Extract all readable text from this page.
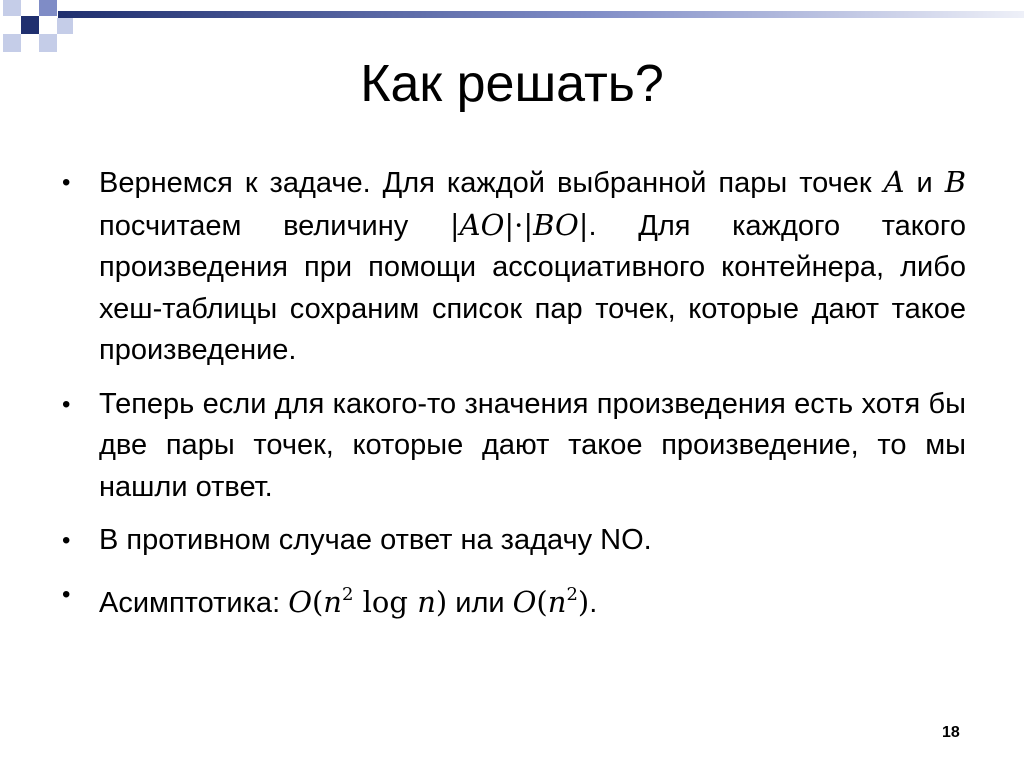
Как решать?
• Вернемся к задаче. Для каждой выбранной пары точек A и B посчитаем величину |AO|·|BO|. Для каждого такого произведения при помощи ассоциативного контейнера, либо хеш-таблицы сохраним список пар точек, которые дают такое произведение.
• Теперь если для какого-то значения произведения есть хотя бы две пары точек, которые дают такое произведение, то мы нашли ответ.
• В противном случае ответ на задачу NO.
• Асимптотика: $O(n^2$ log n) или $O(n^2)$.
18
